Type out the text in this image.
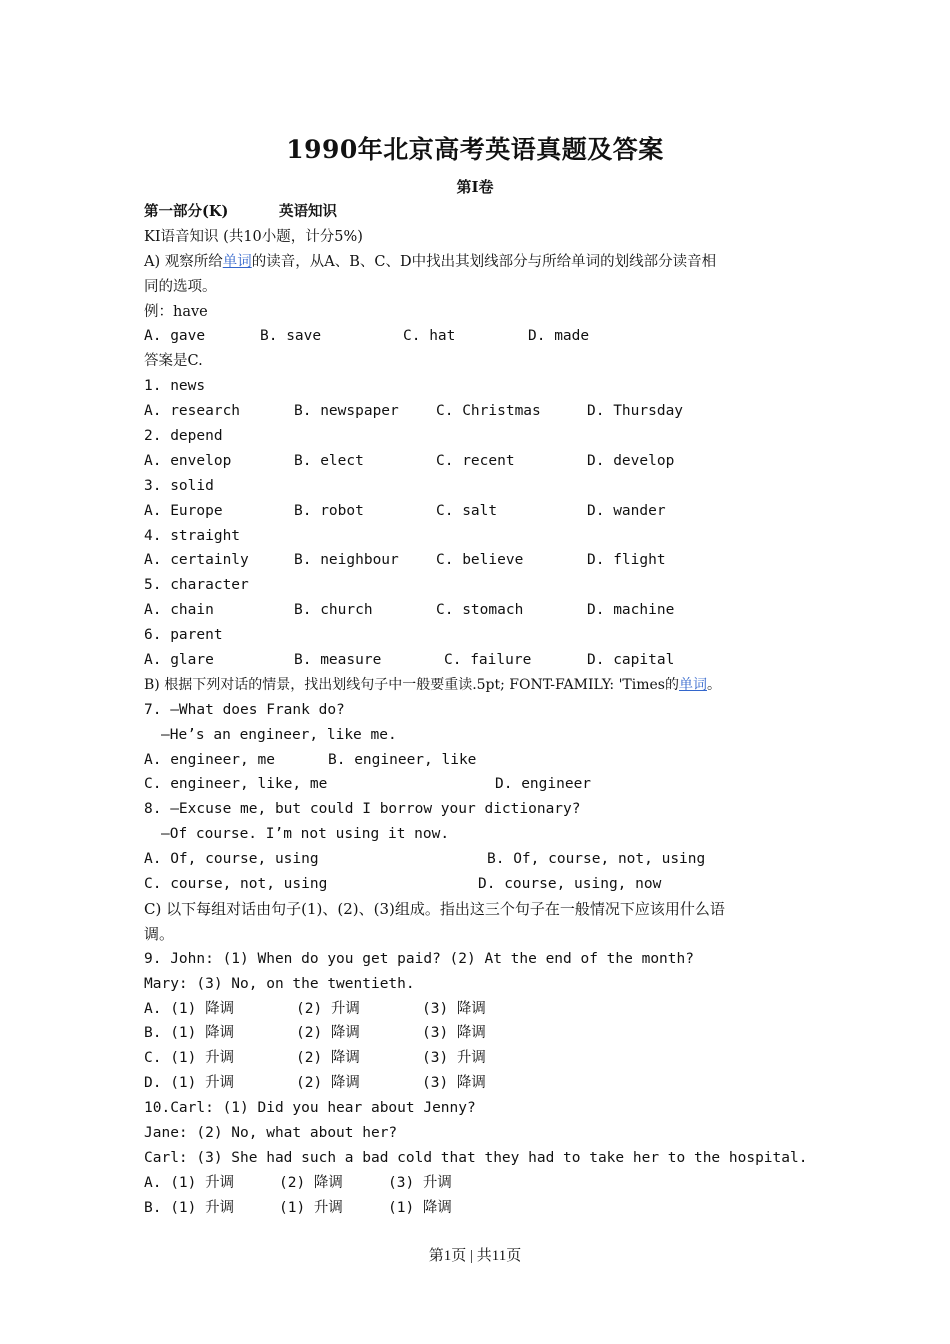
1990年北京高考英语真题及答案
第Ⅰ卷
第一部分(K)	英语知识
KⅠ语音知识 (共10小题，计分5%)
A) 观察所给单词的读音，从A、B、C、D中找出其划线部分与所给单词的划线部分读音相
同的选项。
例：have
A. gave	B. save	C. hat	D. made
答案是C.
1. news
A. research	B. newspaper	C. Christmas	D. Thursday
2. depend
A. envelop	B. elect	C. recent	D. develop
3. solid
A. Europe	B. robot	C. salt	D. wander
4. straight
A. certainly	B. neighbour	C. believe	D. flight
5. character
A. chain	B. church	C. stomach	D. machine
6. parent
A. glare	B. measure	C. failure	D. capital
B) 根据下列对话的情景，找出划线句子中一般要重读.5pt; FONT-FAMILY: 'Times的单词。
7. —What does Frank do?
—He’s an engineer, like me.
A. engineer, me	B. engineer, like
C. engineer, like, me	D. engineer
8. —Excuse me, but could I borrow your dictionary?
—Of course. I’m not using it now.
A. Of, course, using	B. Of, course, not, using
C. course, not, using	D. course, using, now
C) 以下每组对话由句子(1)、(2)、(3)组成。指出这三个句子在一般情况下应该用什么语
调。
9. John: (1) When do you get paid? (2) At the end of the month?
Mary: (3) No, on the twentieth.
A. (1) 降调	(2) 升调	(3) 降调
B. (1) 降调	(2) 降调	(3) 降调
C. (1) 升调	(2) 降调	(3) 升调
D. (1) 升调	(2) 降调	(3) 降调
10.Carl: (1) Did you hear about Jenny?
Jane: (2) No, what about her?
Carl: (3) She had such a bad cold that they had to take her to the hospital.
A. (1) 升调	(2) 降调	(3) 升调
B. (1) 升调	(1) 升调	(1) 降调
第1页 | 共11页
